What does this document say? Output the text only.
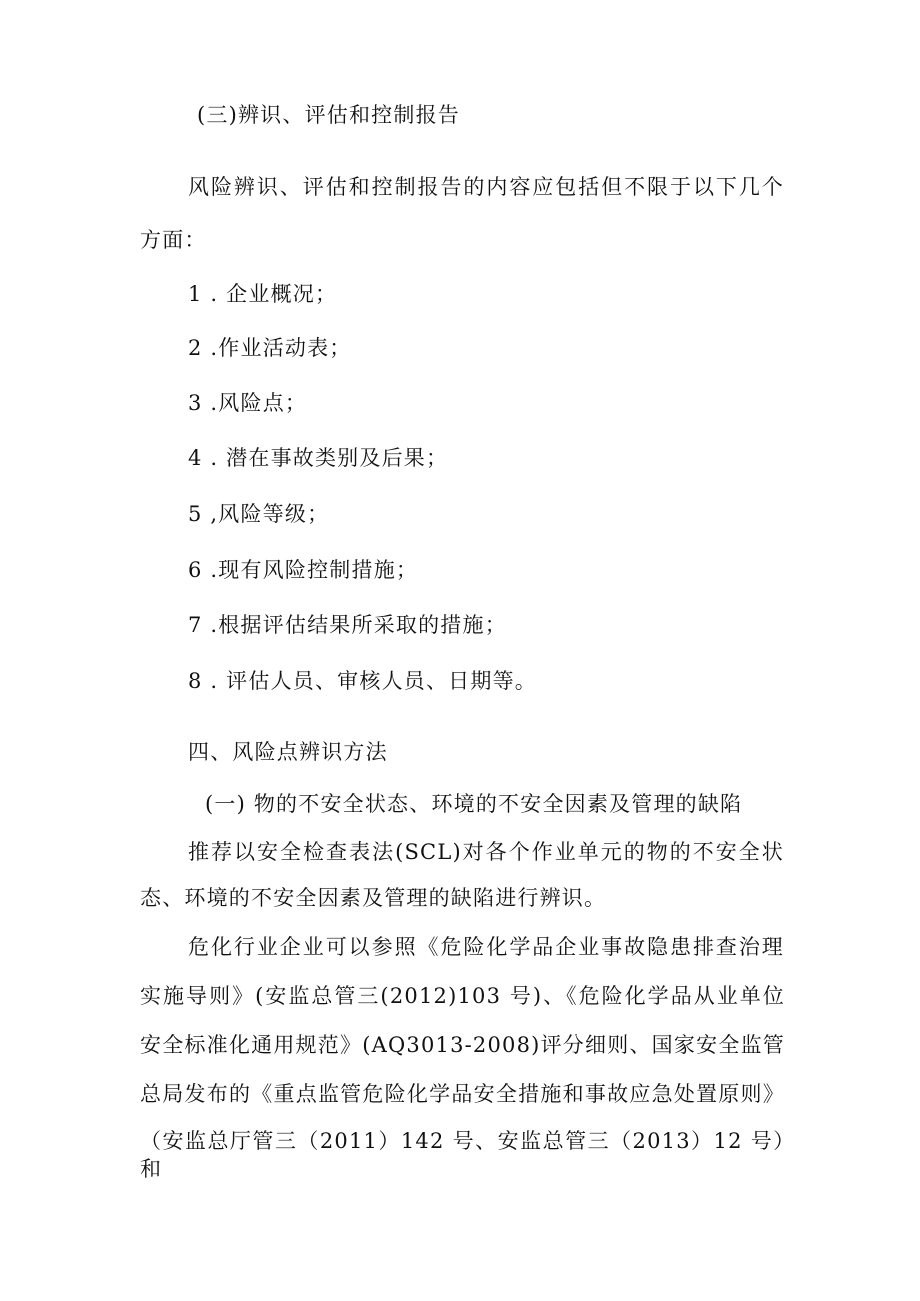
(三)辨识、评估和控制报告
风险辨识、评估和控制报告的内容应包括但不限于以下几个
方面：
1 . 企业概况；
2 .作业活动表；
3 .风险点；
4 . 潜在事故类别及后果；
5 ,风险等级；
6 .现有风险控制措施；
7 .根据评估结果所采取的措施；
8 . 评估人员、审核人员、日期等。
四、风险点辨识方法
(一) 物的不安全状态、环境的不安全因素及管理的缺陷
推荐以安全检查表法(SCL)对各个作业单元的物的不安全状
态、环境的不安全因素及管理的缺陷进行辨识。
危化行业企业可以参照《危险化学品企业事故隐患排查治理
实施导则》(安监总管三(2012)103 号)、《危险化学品从业单位
安全标准化通用规范》(AQ3013-2008)评分细则、国家安全监管
总局发布的《重点监管危险化学品安全措施和事故应急处置原则》
（安监总厅管三（2011）142 号、安监总管三（2013）12 号）和
